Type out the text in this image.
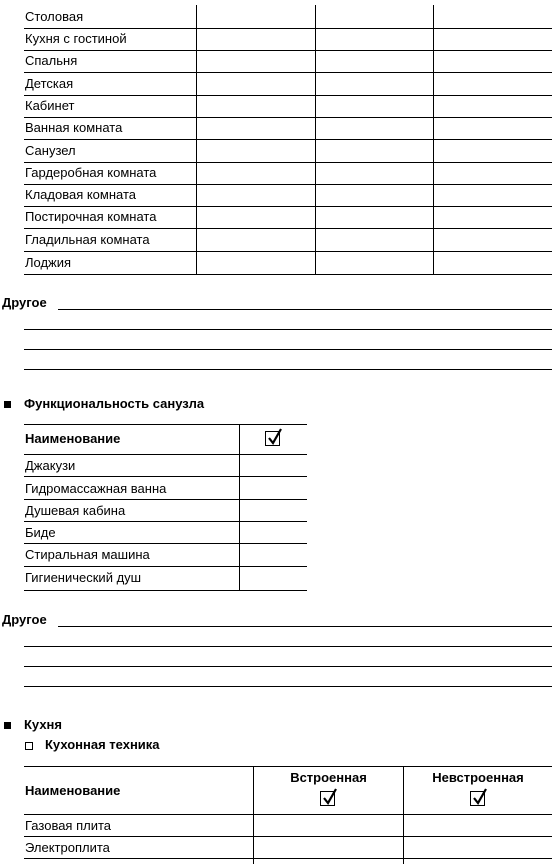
Столовая
Кухня с гостиной
Спальня
Детская
Кабинет
Ванная комната
Санузел
Гардеробная комната
Кладовая комната
Постирочная комната
Гладильная комната
Лоджия
Другое
Функциональность санузла
Наименование
Джакузи
Гидромассажная ванна
Душевая кабина
Биде
Стиральная машина
Гигиенический душ
Другое
Кухня
Кухонная техника
Наименование
Встроенная	Невстроенная
Газовая плита
Электроплита
